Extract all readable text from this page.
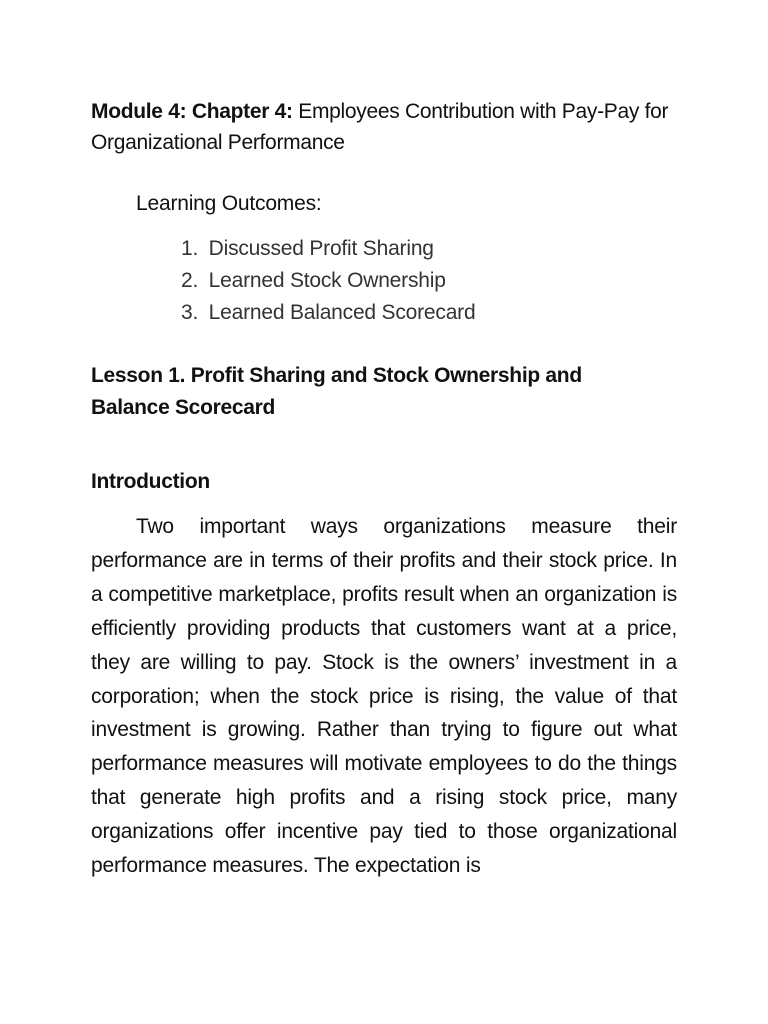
Module 4: Chapter 4: Employees Contribution with Pay-Pay for Organizational Performance
Learning Outcomes:
1. Discussed Profit Sharing
2. Learned Stock Ownership
3. Learned Balanced Scorecard
Lesson 1. Profit Sharing and Stock Ownership and Balance Scorecard
Introduction

Two important ways organizations measure their performance are in terms of their profits and their stock price. In a competitive marketplace, profits result when an organization is efficiently providing products that customers want at a price, they are willing to pay. Stock is the owners’ investment in a corporation; when the stock price is rising, the value of that investment is growing. Rather than trying to figure out what performance measures will motivate employees to do the things that generate high profits and a rising stock price, many organizations offer incentive pay tied to those organizational performance measures. The expectation is
